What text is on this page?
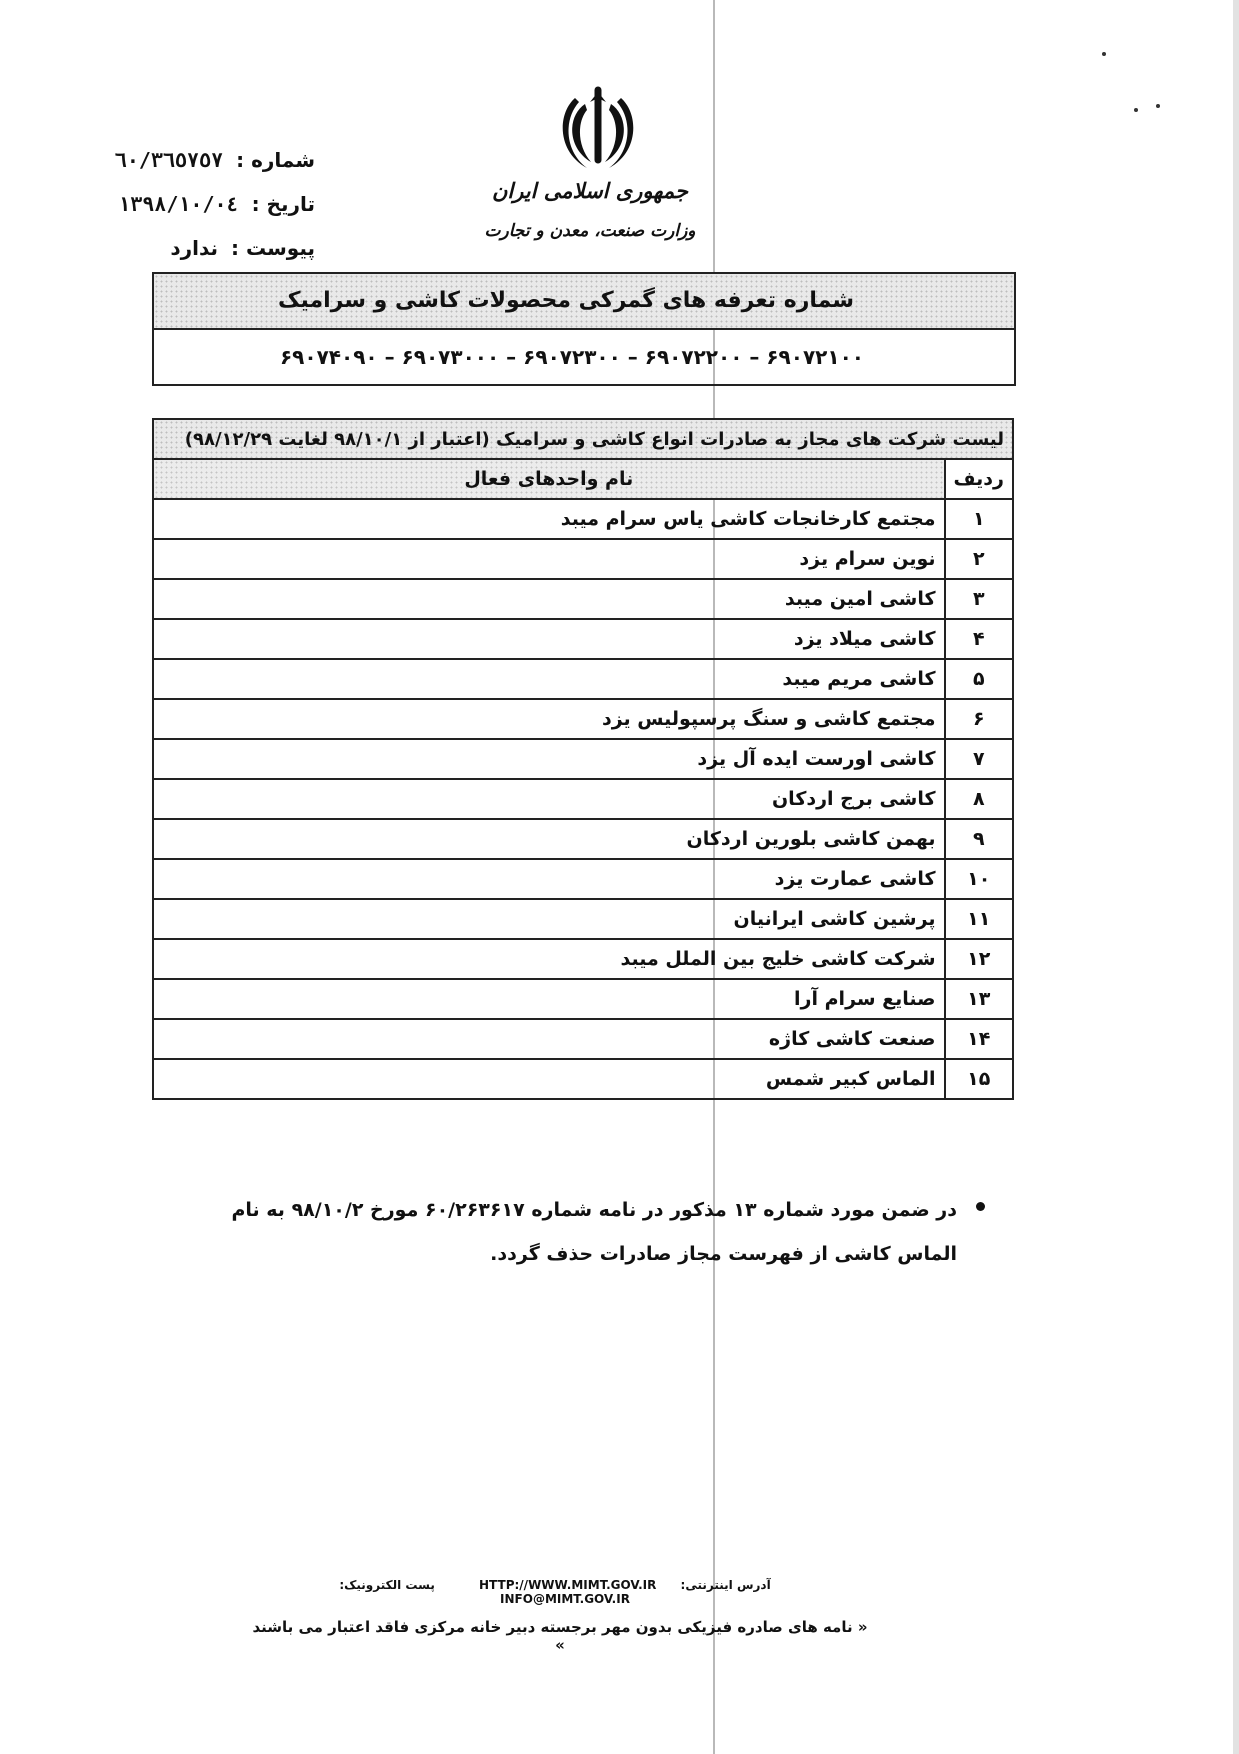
جمهوری اسلامی ایران
وزارت صنعت، معدن و تجارت
شماره : ٦٠/٣٦٥٧٥٧
تاریخ : ١٣٩٨/١٠/٠٤
پیوست : ندارد
شماره تعرفه های گمرکی محصولات کاشی و سرامیک
۶۹۰۷۲۱۰۰ – ۶۹۰۷۲۲۰۰ – ۶۹۰۷۲۳۰۰ – ۶۹۰۷۳۰۰۰ – ۶۹۰۷۴۰۹۰
لیست شرکت های مجاز به صادرات انواع کاشی و سرامیک (اعتبار از ۹۸/۱۰/۱ لغایت ۹۸/۱۲/۲۹)	
ردیف	نام واحدهای فعال
۱	مجتمع کارخانجات کاشی یاس سرام میبد
۲	نوین سرام یزد
۳	کاشی امین میبد
۴	کاشی میلاد یزد
۵	کاشی مریم میبد
۶	مجتمع کاشی و سنگ پرسپولیس یزد
۷	کاشی اورست ایده آل یزد
۸	کاشی برج اردکان
۹	بهمن کاشی بلورین اردکان
۱۰	کاشی عمارت یزد
۱۱	پرشین کاشی ایرانیان
۱۲	شرکت کاشی خلیج بین الملل میبد
۱۳	صنایع سرام آرا
۱۴	صنعت کاشی کاژه
۱۵	الماس کبیر شمس
در ضمن مورد شماره ۱۳ مذکور در نامه شماره ۶۰/۲۶۳۶۱۷ مورخ ۹۸/۱۰/۲ به نام الماس کاشی از فهرست مجاز صادرات حذف گردد.
آدرس اینترنتی: HTTP://WWW.MIMT.GOV.IR پست الکترونیک: INFO@MIMT.GOV.IR
« نامه های صادره فیزیکی بدون مهر برجسته دبیر خانه مرکزی فاقد اعتبار می باشند »
